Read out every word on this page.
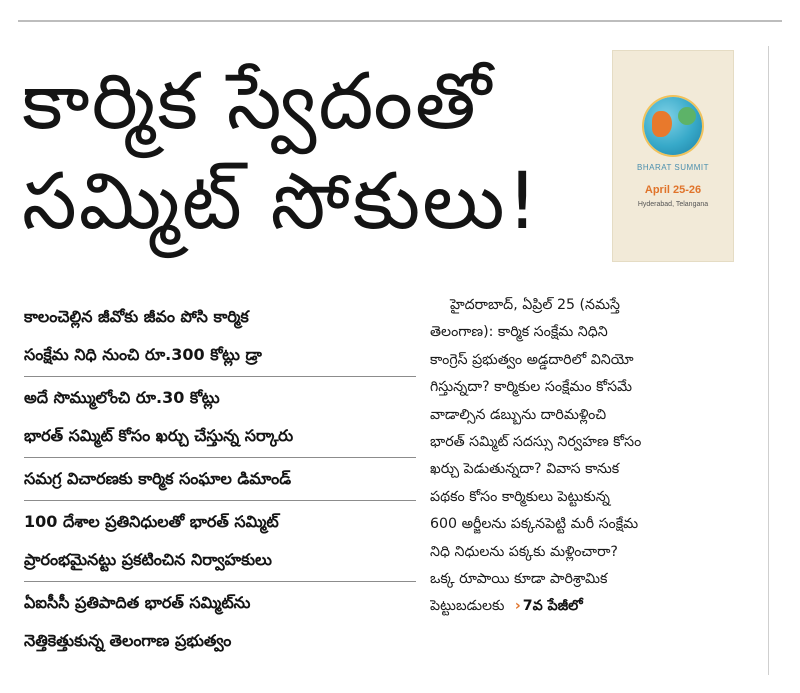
కార్మిక స్వేదంతో
సమ్మిట్ సోకులు!	BHARAT SUMMIT
April 25-26
Hyderabad, Telangana
కాలంచెల్లిన జీవోకు జీవం పోసి కార్మిక
సంక్షేమ నిధి నుంచి రూ.300 కోట్లు డ్రా
అదే సొమ్ములోంచి రూ.30 కోట్లు
భారత్ సమ్మిట్ కోసం ఖర్చు చేస్తున్న సర్కారు
సమగ్ర విచారణకు కార్మిక సంఘాల డిమాండ్
100 దేశాల ప్రతినిధులతో భారత్ సమ్మిట్
ప్రారంభమైనట్టు ప్రకటించిన నిర్వాహకులు
ఏఐసీసీ ప్రతిపాదిత భారత్ సమ్మిట్‌ను
నెత్తికెత్తుకున్న తెలంగాణ ప్రభుత్వం
హైదరాబాద్, ఏప్రిల్ 25 (నమస్తే
తెలంగాణ): కార్మిక సంక్షేమ నిధిని
కాంగ్రెస్ ప్రభుత్వం అడ్డదారిలో వినియో
గిస్తున్నదా? కార్మికుల సంక్షేమం కోసమే
వాడాల్సిన డబ్బును దారిమళ్లించి
భారత్ సమ్మిట్ సదస్సు నిర్వహణ కోసం
ఖర్చు పెడుతున్నదా? వివాస కానుక
పథకం కోసం కార్మికులు పెట్టుకున్న
600 అర్జీలను పక్కనపెట్టి మరీ సంక్షేమ
నిధి నిధులను పక్కకు మళ్లించారా?
ఒక్క రూపాయి కూడా పారిశ్రామిక
పెట్టుబడులకు › 7వ పేజీలో
